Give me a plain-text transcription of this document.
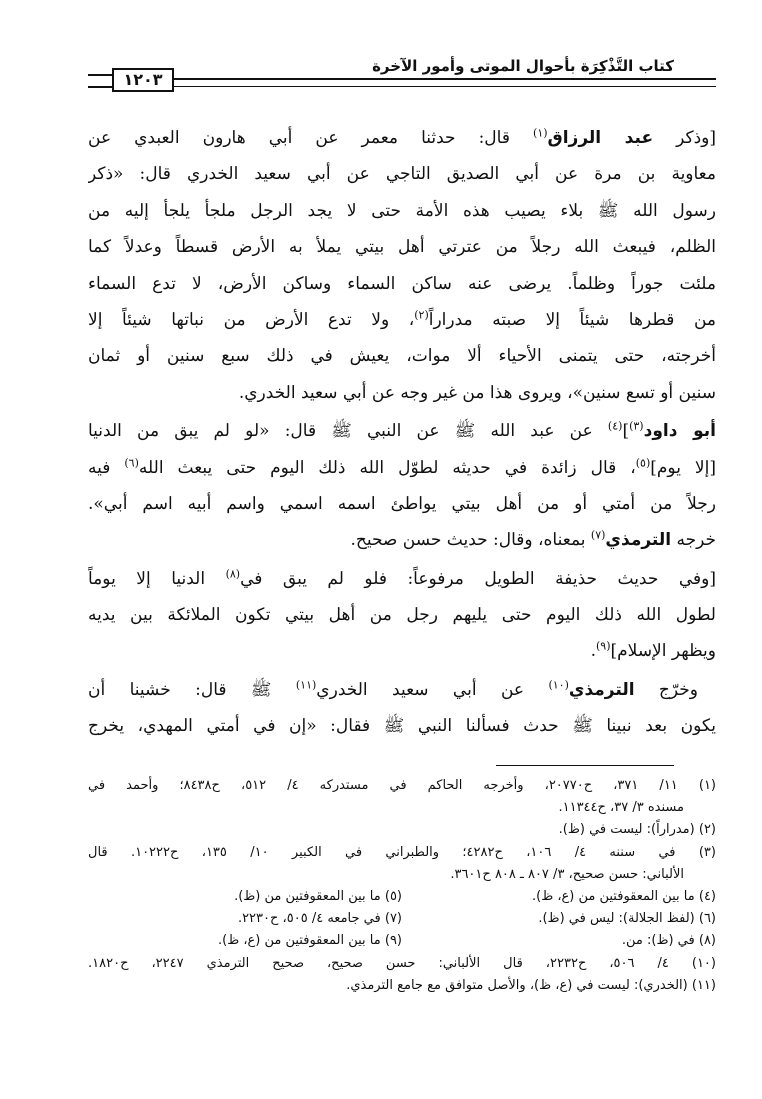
كتاب التَّذْكِرَة بأحوال الموتى وأمور الآخرة
١٢٠٣
[وذكر عبد الرزاق$^{(١)}$ قال: حدثنا معمر عن أبي هارون العبدي عن
معاوية بن مرة عن أبي الصديق التاجي عن أبي سعيد الخدري قال: «ذكر
رسول الله ﷺ بلاء يصيب هذه الأمة حتى لا يجد الرجل ملجأ يلجأ إليه من
الظلم، فيبعث الله رجلاً من عترتي أهل بيتي يملأ به الأرض قسطاً وعدلاً كما
ملئت جوراً وظلماً. يرضى عنه ساكن السماء وساكن الأرض، لا تدع السماء
من قطرها شيئاً إلا صبته مدراراً$^{(٢)}$، ولا تدع الأرض من نباتها شيئاً إلا
أخرجته، حتى يتمنى الأحياء ألا موات، يعيش في ذلك سبع سنين أو ثمان
سنين أو تسع سنين»، ويروى هذا من غير وجه عن أبي سعيد الخدري.
أبو داود$^{(٣)}$]$^{(٤)}$ عن عبد الله ﷺ عن النبي ﷺ قال: «لو لم يبق من الدنيا
[إلا يوم]$^{(٥)}$، قال زائدة في حديثه لطوّل الله ذلك اليوم حتى يبعث الله$^{(٦)}$ فيه
رجلاً من أمتي أو من أهل بيتي يواطئ اسمه اسمي واسم أبيه اسم أبي».
خرجه الترمذي$^{(٧)}$ بمعناه، وقال: حديث حسن صحيح.
[وفي حديث حذيفة الطويل مرفوعاً: فلو لم يبق في$^{(٨)}$ الدنيا إلا يوماً
لطول الله ذلك اليوم حتى يليهم رجل من أهل بيتي تكون الملائكة بين يديه
ويظهر الإسلام]$^{(٩)}$.
وخرّج الترمذي$^{(١٠)}$ عن أبي سعيد الخدري$^{(١١)}$ ﷺ قال: خشينا أن
يكون بعد نبينا ﷺ حدث فسألنا النبي ﷺ فقال: «إن في أمتي المهدي، يخرج
(١) ١١/ ٣٧١، ح٢٠٧٧٠، وأخرجه الحاكم في مستدركه ٤/ ٥١٢، ح٨٤٣٨؛ وأحمد في
مسنده ٣/ ٣٧، ح١١٣٤٤.
(٢) (مدراراً): ليست في (ظ).
(٣) في سننه ٤/ ١٠٦، ح٤٢٨٢؛ والطبراني في الكبير ١٠/ ١٣٥، ح١٠٢٢٢. قال
الألباني: حسن صحيح، ٣/ ٨٠٧ ـ ٨٠٨ ح٣٦٠١.
(٤) ما بين المعقوفتين من (ع، ظ).
(٥) ما بين المعقوفتين من (ظ).
(٦) (لفظ الجلالة): ليس في (ظ).
(٧) في جامعه ٤/ ٥٠٥، ح٢٢٣٠.
(٨) في (ظ): من.
(٩) ما بين المعقوفتين من (ع، ظ).
(١٠) ٤/ ٥٠٦، ح٢٢٣٢، قال الألباني: حسن صحيح، صحيح الترمذي ٢٢٤٧، ح١٨٢٠.
(١١) (الخدري): ليست في (ع، ظ)، والأصل متوافق مع جامع الترمذي.
